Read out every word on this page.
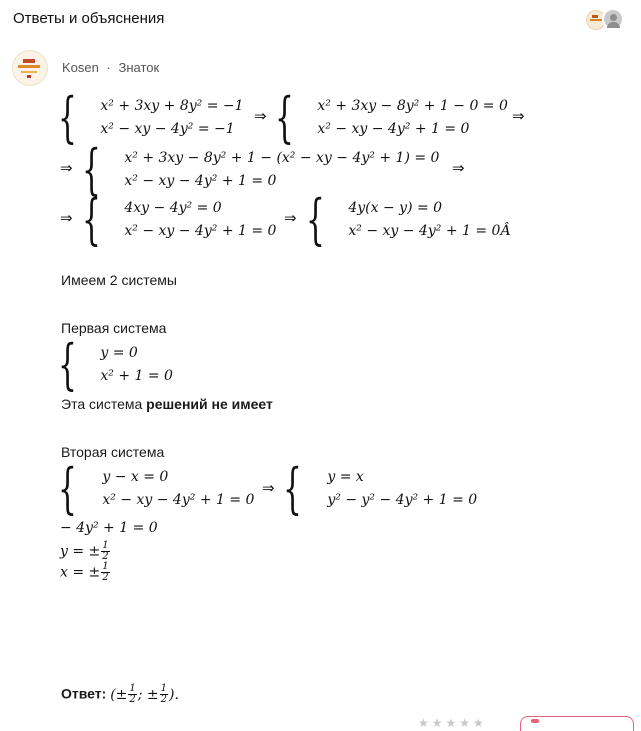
Ответы и объяснения
Kosen · Знаток
{ x² + 3xy + 8y² = −1
x² − xy − 4y² = −1
⇒ { x² + 3xy − 8y² + 1 − 0 = 0
x² − xy − 4y² + 1 = 0
⇒
⇒ { x² + 3xy − 8y² + 1 − (x² − xy − 4y² + 1) = 0
x² − xy − 4y² + 1 = 0
⇒
⇒ { 4xy − 4y² = 0
x² − xy − 4y² + 1 = 0
⇒ { 4y(x − y) = 0
x² − xy − 4y² + 1 = 0Â
Имеем 2 системы
Первая система
{ y = 0
x² + 1 = 0
Эта система решений не имеет
Вторая система
{ y − x = 0
x² − xy − 4y² + 1 = 0
⇒ { y = x
y² − y² − 4y² + 1 = 0
− 4y² + 1 = 0
y = ± $\frac{1}{2}$
x = ± $\frac{1}{2}$
Ответ: (± $\frac{1}{2}$ ; ± $\frac{1}{2}$ ).
★★★★★
